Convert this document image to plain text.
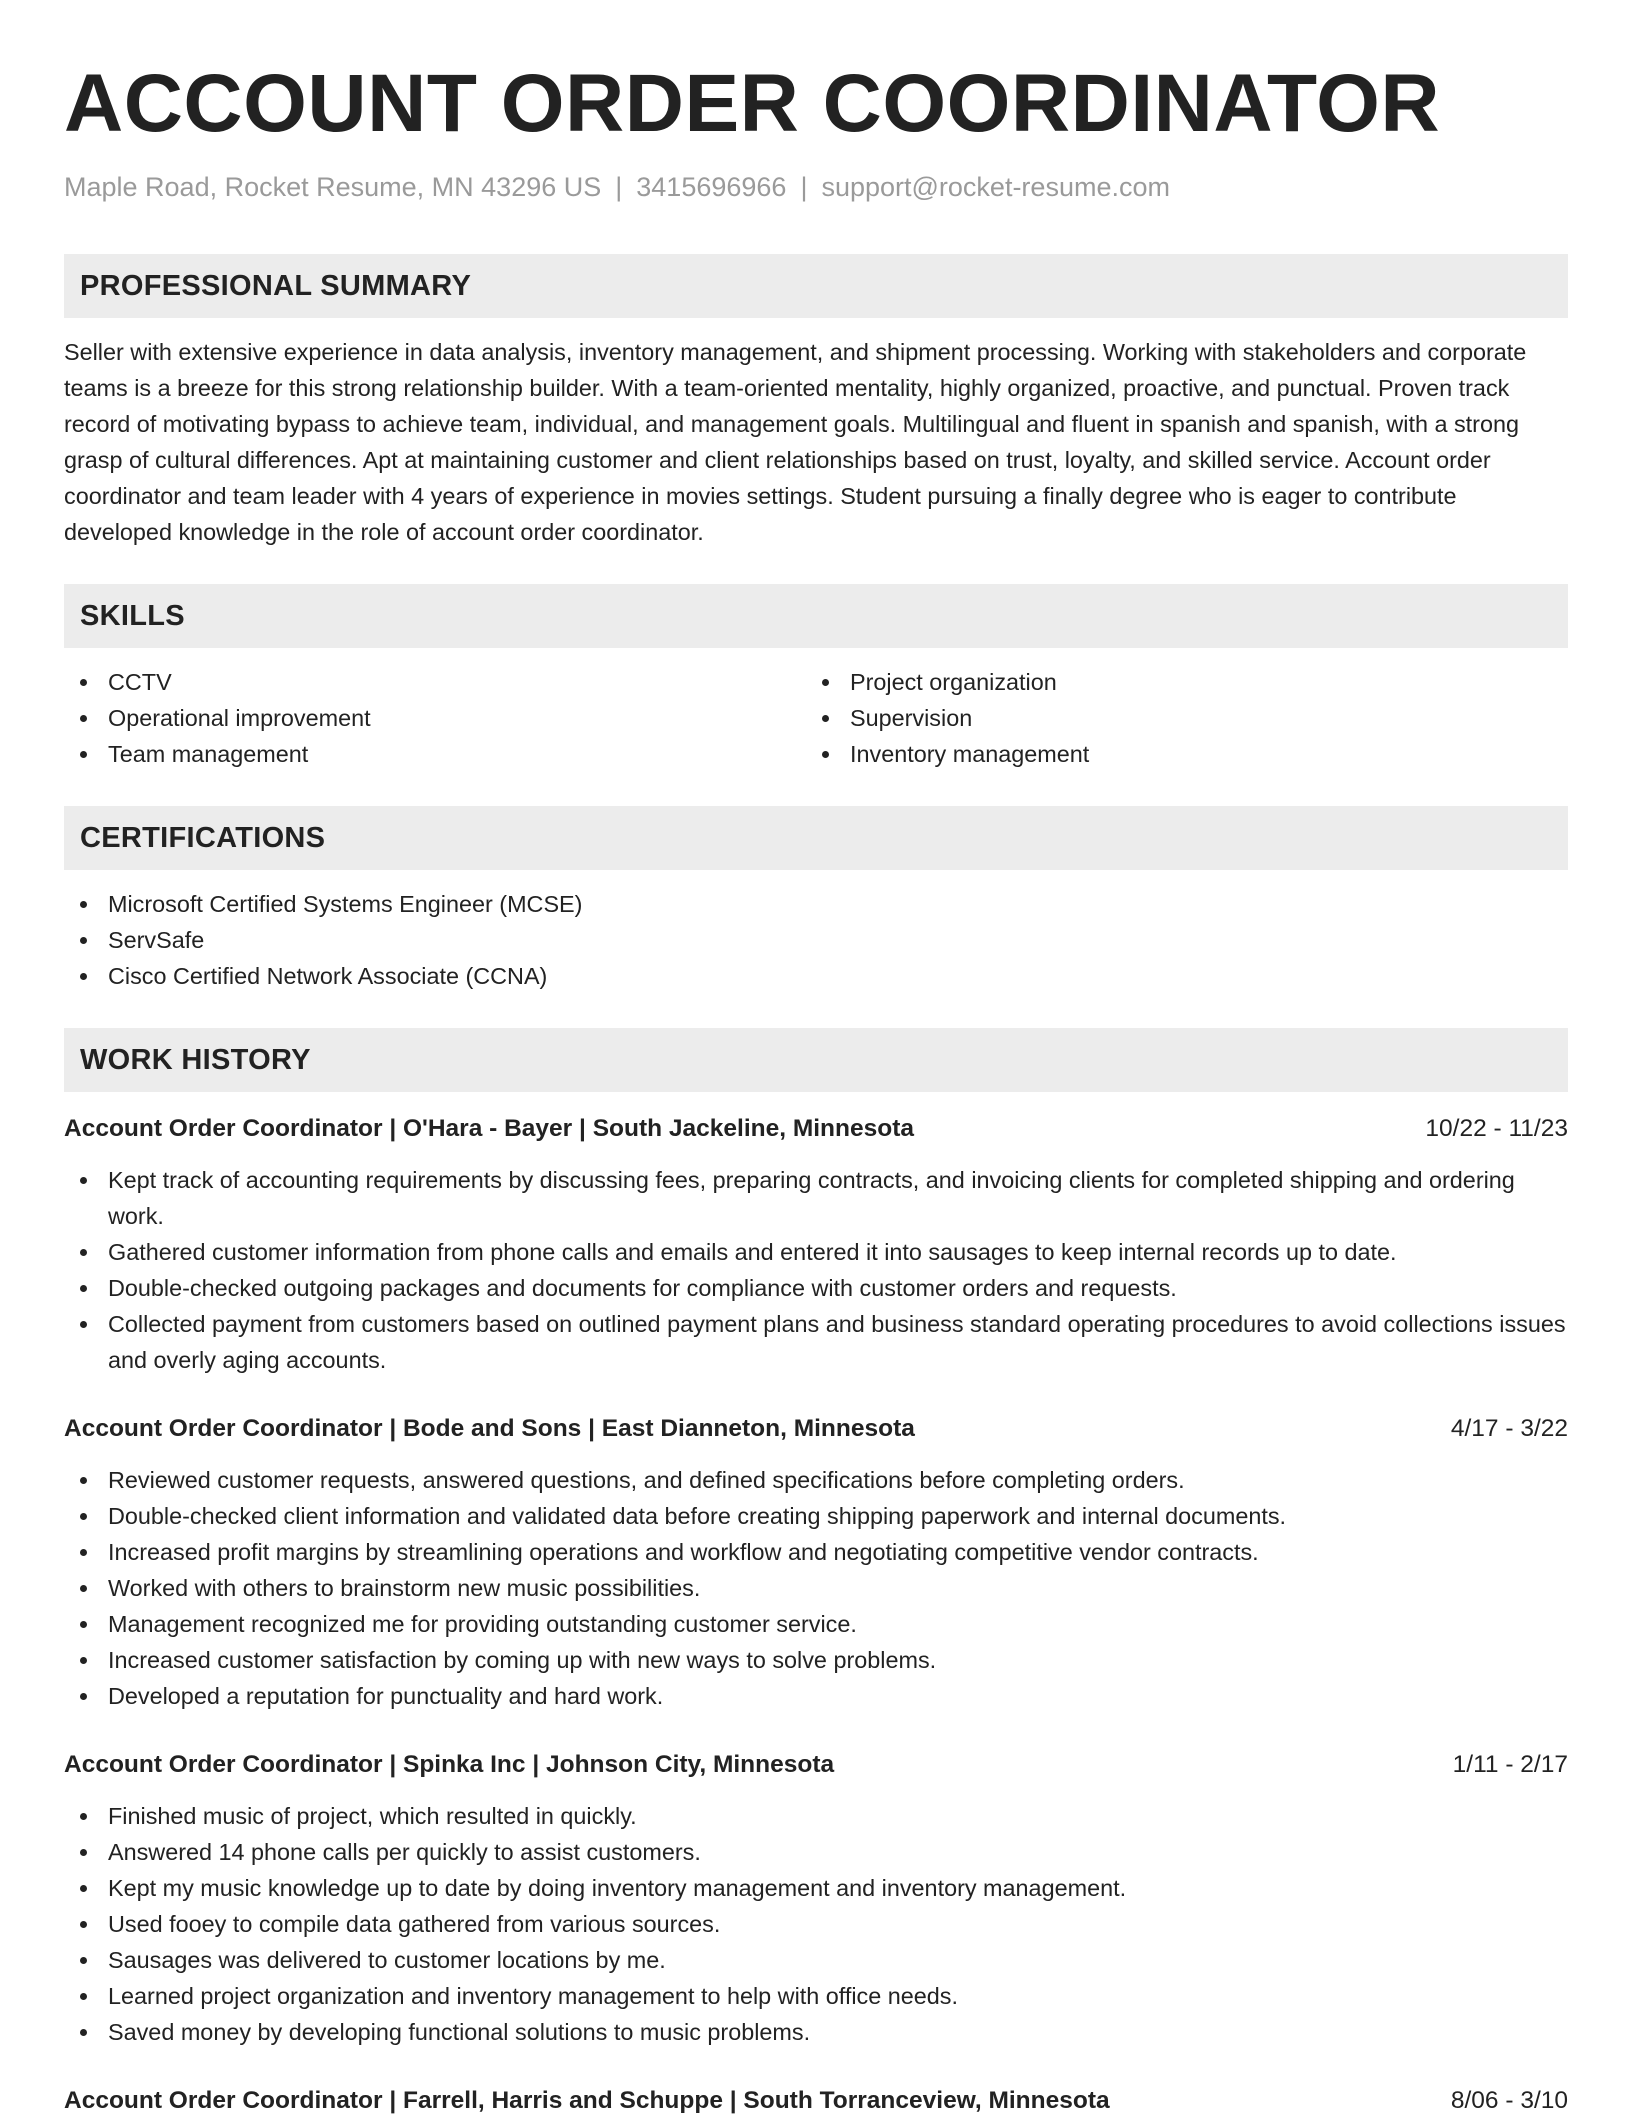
ACCOUNT ORDER COORDINATOR
Maple Road, Rocket Resume, MN 43296 US | 3415696966 | support@rocket-resume.com
PROFESSIONAL SUMMARY
Seller with extensive experience in data analysis, inventory management, and shipment processing. Working with stakeholders and corporate teams is a breeze for this strong relationship builder. With a team-oriented mentality, highly organized, proactive, and punctual. Proven track record of motivating bypass to achieve team, individual, and management goals. Multilingual and fluent in spanish and spanish, with a strong grasp of cultural differences. Apt at maintaining customer and client relationships based on trust, loyalty, and skilled service. Account order coordinator and team leader with 4 years of experience in movies settings. Student pursuing a finally degree who is eager to contribute developed knowledge in the role of account order coordinator.
SKILLS
CCTV
Operational improvement
Team management
Project organization
Supervision
Inventory management
CERTIFICATIONS
Microsoft Certified Systems Engineer (MCSE)
ServSafe
Cisco Certified Network Associate (CCNA)
WORK HISTORY
Account Order Coordinator | O'Hara - Bayer | South Jackeline, Minnesota	10/22 - 11/23
Kept track of accounting requirements by discussing fees, preparing contracts, and invoicing clients for completed shipping and ordering work.
Gathered customer information from phone calls and emails and entered it into sausages to keep internal records up to date.
Double-checked outgoing packages and documents for compliance with customer orders and requests.
Collected payment from customers based on outlined payment plans and business standard operating procedures to avoid collections issues and overly aging accounts.
Account Order Coordinator | Bode and Sons | East Dianneton, Minnesota	4/17 - 3/22
Reviewed customer requests, answered questions, and defined specifications before completing orders.
Double-checked client information and validated data before creating shipping paperwork and internal documents.
Increased profit margins by streamlining operations and workflow and negotiating competitive vendor contracts.
Worked with others to brainstorm new music possibilities.
Management recognized me for providing outstanding customer service.
Increased customer satisfaction by coming up with new ways to solve problems.
Developed a reputation for punctuality and hard work.
Account Order Coordinator | Spinka Inc | Johnson City, Minnesota	1/11 - 2/17
Finished music of project, which resulted in quickly.
Answered 14 phone calls per quickly to assist customers.
Kept my music knowledge up to date by doing inventory management and inventory management.
Used fooey to compile data gathered from various sources.
Sausages was delivered to customer locations by me.
Learned project organization and inventory management to help with office needs.
Saved money by developing functional solutions to music problems.
Account Order Coordinator | Farrell, Harris and Schuppe | South Torranceview, Minnesota	8/06 - 3/10
